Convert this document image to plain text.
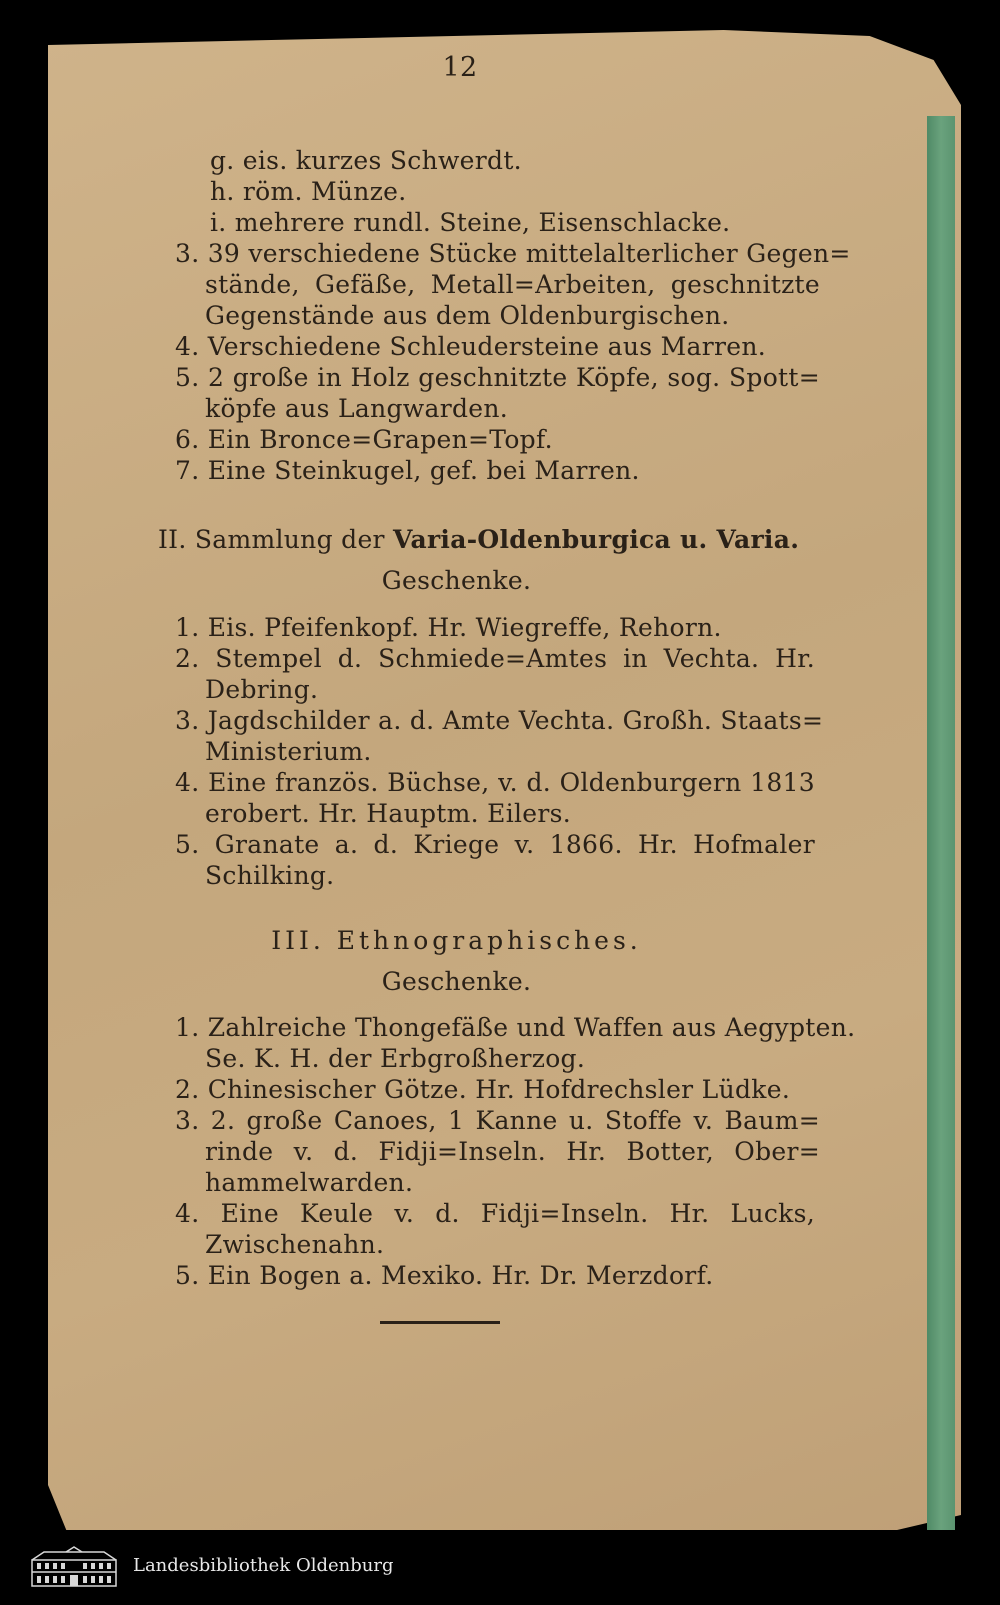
12
g. eis. kurzes Schwerdt.
h. röm. Münze.
i. mehrere rundl. Steine, Eisenschlacke.
3. 39 verschiedene Stücke mittelalterlicher Gegen=
stände, Gefäße, Metall=Arbeiten, geschnitzte
Gegenstände aus dem Oldenburgischen.
4. Verschiedene Schleudersteine aus Marren.
5. 2 große in Holz geschnitzte Köpfe, sog. Spott=
köpfe aus Langwarden.
6. Ein Bronce=Grapen=Topf.
7. Eine Steinkugel, gef. bei Marren.
II. Sammlung der Varia-Oldenburgica u. Varia.
Geschenke.
1. Eis. Pfeifenkopf. Hr. Wiegreffe, Rehorn.
2. Stempel d. Schmiede=Amtes in Vechta. Hr.
Debring.
3. Jagdschilder a. d. Amte Vechta. Großh. Staats=
Ministerium.
4. Eine französ. Büchse, v. d. Oldenburgern 1813
erobert. Hr. Hauptm. Eilers.
5. Granate a. d. Kriege v. 1866. Hr. Hofmaler
Schilking.
III. Ethnographisches.
Geschenke.
1. Zahlreiche Thongefäße und Waffen aus Aegypten.
Se. K. H. der Erbgroßherzog.
2. Chinesischer Götze. Hr. Hofdrechsler Lüdke.
3. 2. große Canoes, 1 Kanne u. Stoffe v. Baum=
rinde v. d. Fidji=Inseln. Hr. Botter, Ober=
hammelwarden.
4. Eine Keule v. d. Fidji=Inseln. Hr. Lucks,
Zwischenahn.
5. Ein Bogen a. Mexiko. Hr. Dr. Merzdorf.
Landesbibliothek Oldenburg
